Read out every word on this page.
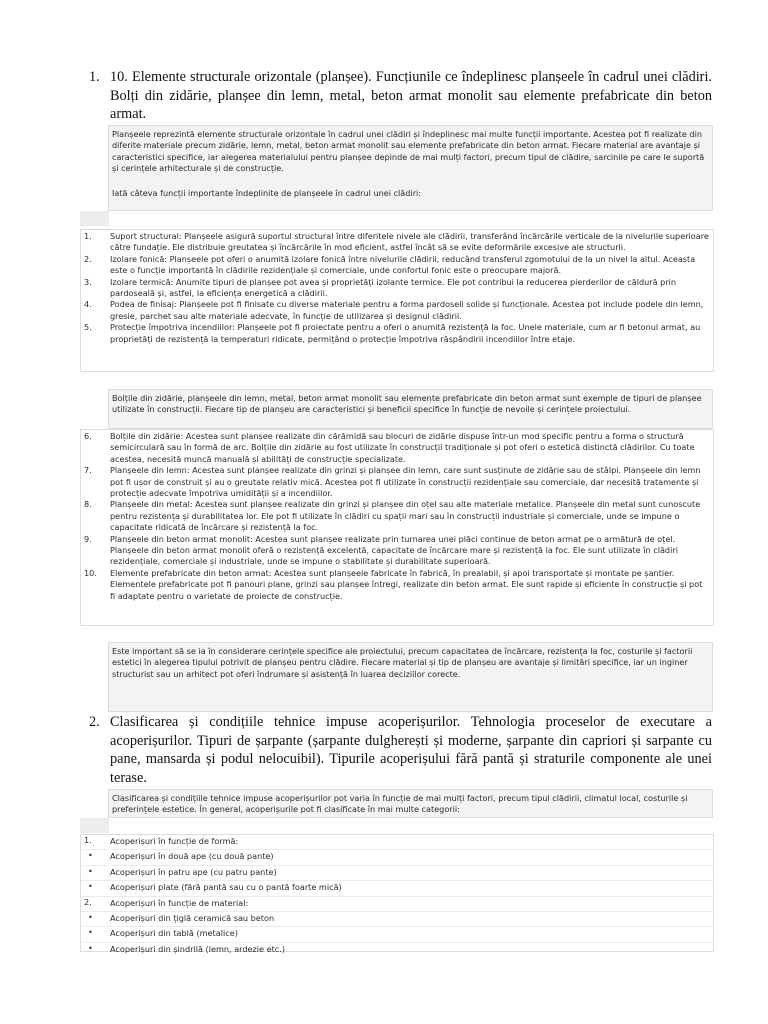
1. 10. Elemente structurale orizontale (planșee). Funcțiunile ce îndeplinesc planșeele în cadrul unei clădiri. Bolți din zidărie, planșee din lemn, metal, beton armat monolit sau elemente prefabricate din beton armat.

Planșeele reprezintă elemente structurale orizontale în cadrul unei clădiri și îndeplinesc mai multe funcții importante. Acestea pot fi realizate din diferite materiale precum zidărie, lemn, metal, beton armat monolit sau elemente prefabricate din beton armat. Fiecare material are avantaje și caracteristici specifice, iar alegerea materialului pentru planșee depinde de mai mulți factori, precum tipul de clădire, sarcinile pe care le suportă și cerințele arhitecturale și de construcție.

Iată câteva funcții importante îndeplinite de planșeele în cadrul unei clădiri:

1.	Suport structural: Planșeele asigură suportul structural între diferitele nivele ale clădirii, transferând încărcările verticale de la nivelurile superioare către fundație. Ele distribuie greutatea și încărcările în mod eficient, astfel încât să se evite deformările excesive ale structurii.
2.	Izolare fonică: Planșeele pot oferi o anumită izolare fonică între nivelurile clădirii, reducând transferul zgomotului de la un nivel la altul. Aceasta este o funcție importantă în clădirile rezidențiale și comerciale, unde confortul fonic este o preocupare majoră.
3.	Izolare termică: Anumite tipuri de planșee pot avea și proprietăți izolante termice. Ele pot contribui la reducerea pierderilor de căldură prin pardoseală și, astfel, la eficiența energetică a clădirii.
4.	Podea de finisaj: Planșeele pot fi finisate cu diverse materiale pentru a forma pardoseli solide și funcționale. Acestea pot include podele din lemn, gresie, parchet sau alte materiale adecvate, în funcție de utilizarea și designul clădirii.
5.	Protecție împotriva incendiilor: Planșeele pot fi proiectate pentru a oferi o anumită rezistență la foc. Unele materiale, cum ar fi betonul armat, au proprietăți de rezistență la temperaturi ridicate, permițând o protecție împotriva răspândirii incendiilor între etaje.

Bolțile din zidărie, planșeele din lemn, metal, beton armat monolit sau elemente prefabricate din beton armat sunt exemple de tipuri de planșee utilizate în construcții. Fiecare tip de planșeu are caracteristici și beneficii specifice în funcție de nevoile și cerințele proiectului.

6.	Bolțile din zidărie: Acestea sunt planșee realizate din cărămidă sau blocuri de zidărie dispuse într-un mod specific pentru a forma o structură semicirculară sau în formă de arc. Bolțile din zidărie au fost utilizate în construcții tradiționale și pot oferi o estetică distinctă clădirilor. Cu toate acestea, necesită muncă manuală și abilități de construcție specializate.
7.	Planșeele din lemn: Acestea sunt planșee realizate din grinzi și planșee din lemn, care sunt susținute de zidărie sau de stâlpi. Planșeele din lemn pot fi ușor de construit și au o greutate relativ mică. Acestea pot fi utilizate în construcții rezidențiale sau comerciale, dar necesită tratamente și protecție adecvate împotriva umidității și a incendiilor.
8.	Planșeele din metal: Acestea sunt planșee realizate din grinzi și planșee din oțel sau alte materiale metalice. Planșeele din metal sunt cunoscute pentru rezistența și durabilitatea lor. Ele pot fi utilizate în clădiri cu spații mari sau în construcții industriale și comerciale, unde se impune o capacitate ridicată de încărcare și rezistență la foc.
9.	Planșeele din beton armat monolit: Acestea sunt planșee realizate prin turnarea unei plăci continue de beton armat pe o armătură de oțel. Planșeele din beton armat monolit oferă o rezistență excelentă, capacitate de încărcare mare și rezistență la foc. Ele sunt utilizate în clădiri rezidențiale, comerciale și industriale, unde se impune o stabilitate și durabilitate superioară.
10.	Elemente prefabricate din beton armat: Acestea sunt planșeele fabricate în fabrică, în prealabil, și apoi transportate și montate pe șantier. Elementele prefabricate pot fi panouri plane, grinzi sau planșee întregi, realizate din beton armat. Ele sunt rapide și eficiente în construcție și pot fi adaptate pentru o varietate de proiecte de construcție.

Este important să se ia în considerare cerințele specifice ale proiectului, precum capacitatea de încărcare, rezistența la foc, costurile și factorii estetici în alegerea tipului potrivit de planșeu pentru clădire. Fiecare material și tip de planșeu are avantaje și limitări specifice, iar un inginer structurist sau un arhitect pot oferi îndrumare și asistență în luarea deciziilor corecte.

2. Clasificarea și condițiile tehnice impuse acoperișurilor. Tehnologia proceselor de executare a acoperișurilor. Tipuri de șarpante (șarpante dulgherești și moderne, șarpante din capriori și sarpante cu pane, mansarda și podul nelocuibil). Tipurile acoperișului fără pantă și straturile componente ale unei terase.

Clasificarea și condițiile tehnice impuse acoperișurilor pot varia în funcție de mai mulți factori, precum tipul clădirii, climatul local, costurile și preferințele estetice. În general, acoperișurile pot fi clasificate în mai multe categorii:

1.	Acoperișuri în funcție de formă:
•	Acoperișuri în două ape (cu două pante)
•	Acoperișuri în patru ape (cu patru pante)
•	Acoperișuri plate (fără pantă sau cu o pantă foarte mică)
2.	Acoperișuri în funcție de material:
•	Acoperișuri din țiglă ceramică sau beton
•	Acoperișuri din tablă (metalice)
•	Acoperișuri din șindrilă (lemn, ardezie etc.)
